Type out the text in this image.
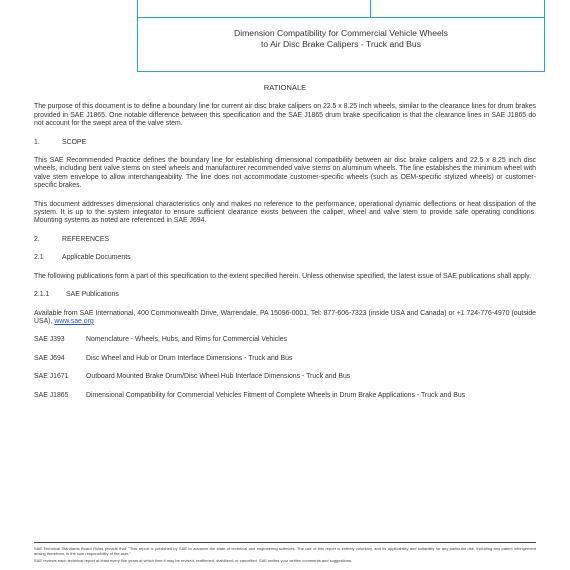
Dimension Compatibility for Commercial Vehicle Wheels
to Air Disc Brake Calipers - Truck and Bus
RATIONALE

The purpose of this document is to define a boundary line for current air disc brake calipers on 22.5 x 8.25 inch wheels, similar to the clearance lines for drum brakes provided in SAE J1865. One notable difference between this specification and the SAE J1865 drum brake specification is that the clearance lines in SAE J1865 do not account for the swept area of the valve stem.

1.	SCOPE

This SAE Recommended Practice defines the boundary line for establishing dimensional compatibility between air disc brake calipers and 22.5 x 8.25 inch disc wheels, including bent valve stems on steel wheels and manufacturer recommended valve stems on aluminum wheels. The line establishes the minimum wheel with valve stem envelope to allow interchangeability. The line does not accommodate customer-specific wheels (such as OEM-specific stylized wheels) or customer-specific brakes.

This document addresses dimensional characteristics only and makes no reference to the performance, operational dynamic deflections or heat dissipation of the system. It is up to the system integrator to ensure sufficient clearance exists between the caliper, wheel and valve stem to provide safe operating conditions. Mounting systems as noted are referenced in SAE J694.

2.	REFERENCES
2.1	Applicable Documents

The following publications form a part of this specification to the extent specified herein. Unless otherwise specified, the latest issue of SAE publications shall apply.

2.1.1 SAE Publications

Available from SAE International, 400 Commonwealth Drive, Warrendale, PA 15096-0001, Tel: 877-606-7323 (inside USA and Canada) or +1 724-776-4970 (outside USA), www.sae.org

SAE J393	Nomenclature - Wheels, Hubs, and Rims for Commercial Vehicles
SAE J694	Disc Wheel and Hub or Drum Interface Dimensions - Truck and Bus
SAE J1671	Outboard Mounted Brake Drum/Disc Wheel Hub Interface Dimensions - Truck and Bus
SAE J1865	Dimensional Compatibility for Commercial Vehicles Fitment of Complete Wheels in Drum Brake Applications - Truck and Bus

SAE Technical Standards Board Rules provide that: "This report is published by SAE to advance the state of technical and engineering sciences. The use of this report is entirely voluntary, and its applicability and suitability for any particular use, including any patent infringement arising therefrom, is the sole responsibility of the user."

SAE reviews each technical report at least every five years at which time it may be revised, reaffirmed, stabilized, or cancelled. SAE invites your written comments and suggestions.
